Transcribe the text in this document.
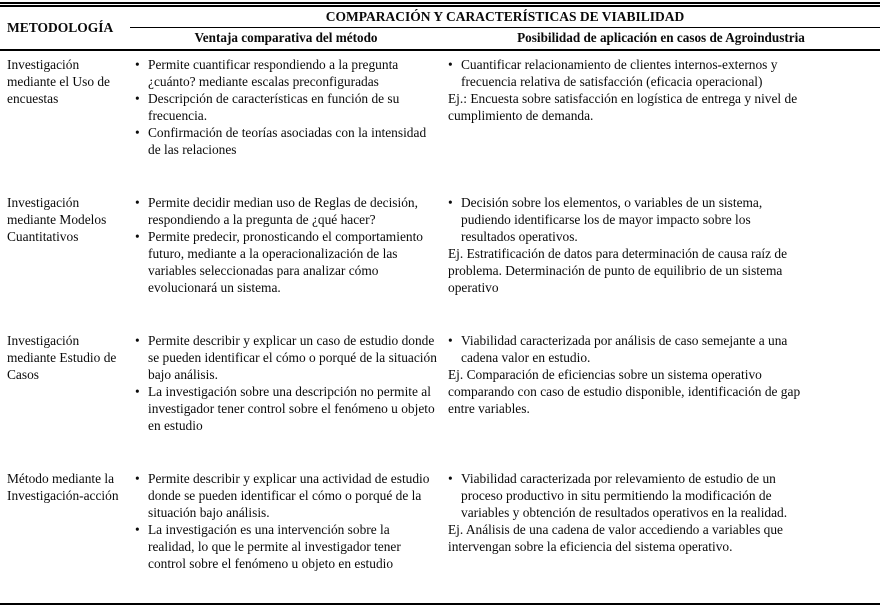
METODOLOGÍA
COMPARACIÓN Y CARACTERÍSTICAS DE VIABILIDAD
Ventaja comparativa del método	Posibilidad de aplicación en casos de Agroindustria
Investigación mediante el Uso de encuestas
• Permite cuantificar respondiendo a la pregunta ¿cuánto? mediante escalas preconfiguradas
• Descripción de características en función de su frecuencia.
• Confirmación de teorías asociadas con la intensidad de las relaciones
• Cuantificar relacionamiento de clientes internos-externos y frecuencia relativa de satisfacción (eficacia operacional)

Ej.: Encuesta sobre satisfacción en logística de entrega y nivel de cumplimiento de demanda.

Investigación mediante Modelos Cuantitativos
• Permite decidir median uso de Reglas de decisión, respondiendo a la pregunta de ¿qué hacer?
• Permite predecir, pronosticando el comportamiento futuro, mediante a la operacionalización de las variables seleccionadas para analizar cómo evolucionará un sistema.
• Decisión sobre los elementos, o variables de un sistema, pudiendo identificarse los de mayor impacto sobre los resultados operativos.

Ej. Estratificación de datos para determinación de causa raíz de problema. Determinación de punto de equilibrio de un sistema operativo

Investigación mediante Estudio de Casos
• Permite describir y explicar un caso de estudio donde se pueden identificar el cómo o porqué de la situación bajo análisis.
• La investigación sobre una descripción no permite al investigador tener control sobre el fenómeno u objeto en estudio
• Viabilidad caracterizada por análisis de caso semejante a una cadena valor en estudio.

Ej. Comparación de eficiencias sobre un sistema operativo comparando con caso de estudio disponible, identificación de gap entre variables.

Método mediante la Investigación-acción
• Permite describir y explicar una actividad de estudio donde se pueden identificar el cómo o porqué de la situación bajo análisis.
• La investigación es una intervención sobre la realidad, lo que le permite al investigador tener control sobre el fenómeno u objeto en estudio
• Viabilidad caracterizada por relevamiento de estudio de un proceso productivo in situ permitiendo la modificación de variables y obtención de resultados operativos en la realidad.

Ej. Análisis de una cadena de valor accediendo a variables que intervengan sobre la eficiencia del sistema operativo.
